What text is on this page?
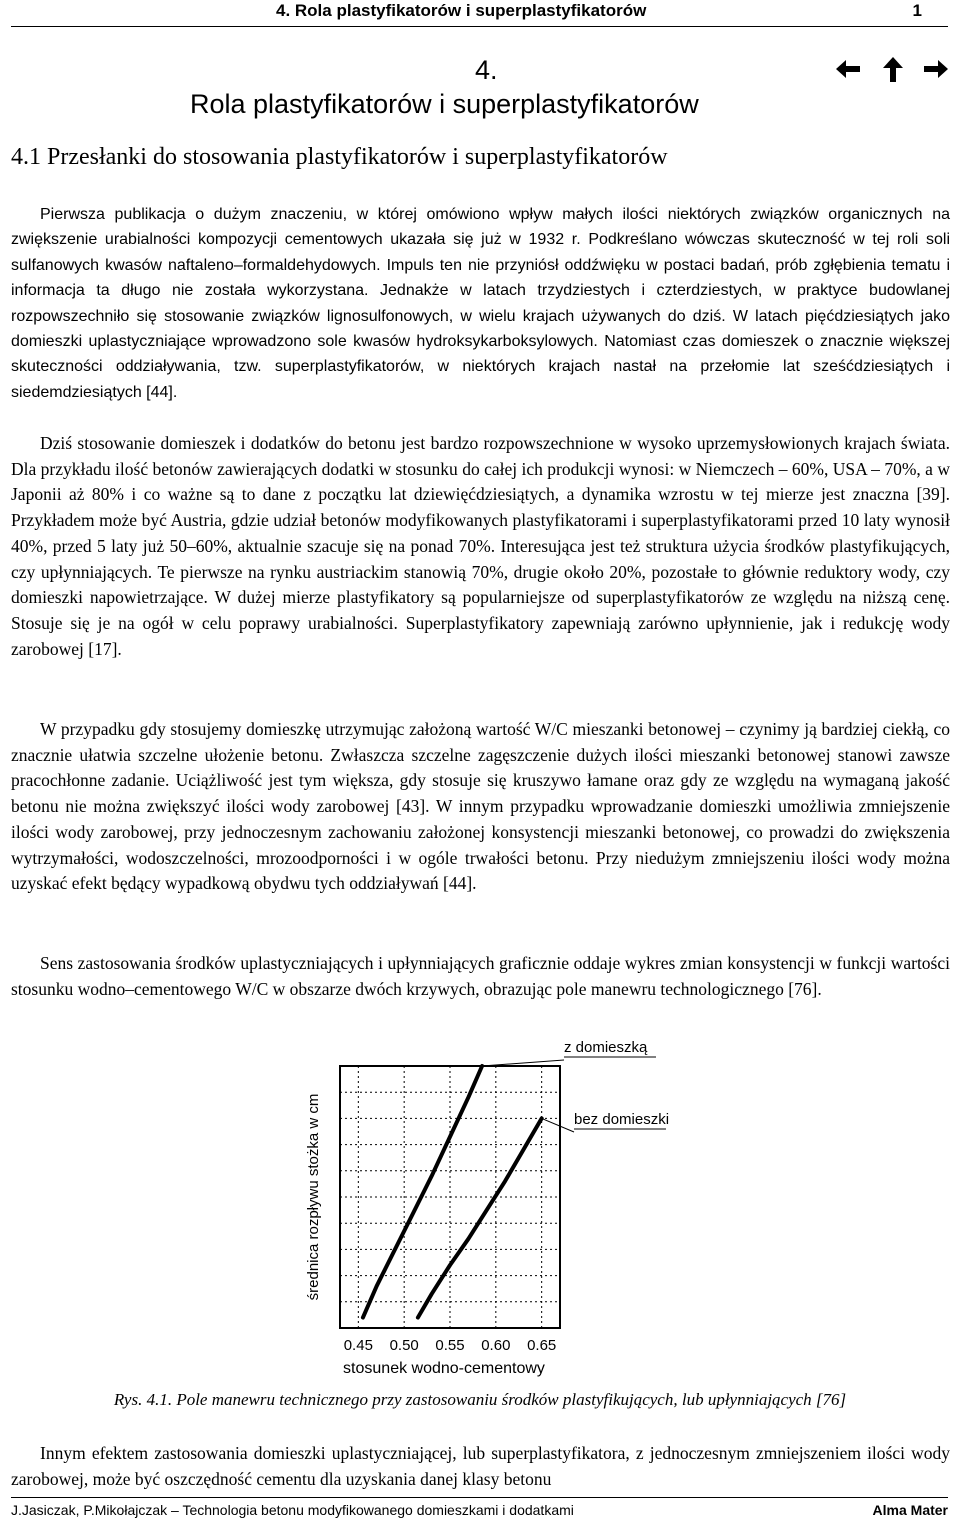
4. Rola plastyfikatorów i superplastyfikatorów	1
4.
Rola plastyfikatorów i superplastyfikatorów
4.1 Przesłanki do stosowania plastyfikatorów i superplastyfikatorów

Pierwsza publikacja o dużym znaczeniu, w której omówiono wpływ małych ilości niektórych związków organicznych na zwiększenie urabialności kompozycji cementowych ukazała się już w 1932 r. Podkreślano wówczas skuteczność w tej roli soli sulfanowych kwasów naftaleno–formaldehydowych. Impuls ten nie przyniósł oddźwięku w postaci badań, prób zgłębienia tematu i informacja ta długo nie została wykorzystana. Jednakże w latach trzydziestych i czterdziestych, w praktyce budowlanej rozpowszechniło się stosowanie związków lignosulfonowych, w wielu krajach używanych do dziś. W latach pięćdziesiątych jako domieszki uplastyczniające wprowadzono sole kwasów hydroksykarboksylowych. Natomiast czas domieszek o znacznie większej skuteczności oddziaływania, tzw. superplastyfikatorów, w niektórych krajach nastał na przełomie lat sześćdziesiątych i siedemdziesiątych [44].

Dziś stosowanie domieszek i dodatków do betonu jest bardzo rozpowszechnione w wysoko uprzemysłowionych krajach świata. Dla przykładu ilość betonów zawierających dodatki w stosunku do całej ich produkcji wynosi: w Niemczech – 60%, USA – 70%, a w Japonii aż 80% i co ważne są to dane z początku lat dziewięćdziesiątych, a dynamika wzrostu w tej mierze jest znaczna [39]. Przykładem może być Austria, gdzie udział betonów modyfikowanych plastyfikatorami i superplastyfikatorami przed 10 laty wynosił 40%, przed 5 laty już 50–60%, aktualnie szacuje się na ponad 70%. Interesująca jest też struktura użycia środków plastyfikujących, czy upłynniających. Te pierwsze na rynku austriackim stanowią 70%, drugie około 20%, pozostałe to głównie reduktory wody, czy domieszki napowietrzające. W dużej mierze plastyfikatory są popularniejsze od superplastyfikatorów ze względu na niższą cenę. Stosuje się je na ogół w celu poprawy urabialności. Superplastyfikatory zapewniają zarówno upłynnienie, jak i redukcję wody zarobowej [17].

W przypadku gdy stosujemy domieszkę utrzymując założoną wartość W/C mieszanki betonowej – czynimy ją bardziej ciekłą, co znacznie ułatwia szczelne ułożenie betonu. Zwłaszcza szczelne zagęszczenie dużych ilości mieszanki betonowej stanowi zawsze pracochłonne zadanie. Uciążliwość jest tym większa, gdy stosuje się kruszywo łamane oraz gdy ze względu na wymaganą jakość betonu nie można zwiększyć ilości wody zarobowej [43]. W innym przypadku wprowadzanie domieszki umożliwia zmniejszenie ilości wody zarobowej, przy jednoczesnym zachowaniu założonej konsystencji mieszanki betonowej, co prowadzi do zwiększenia wytrzymałości, wodoszczelności, mrozoodporności i w ogóle trwałości betonu. Przy niedużym zmniejszeniu ilości wody można uzyskać efekt będący wypadkową obydwu tych oddziaływań [44].

Sens zastosowania środków uplastyczniających i upłynniających graficznie oddaje wykres zmian konsystencji w funkcji wartości stosunku wodno–cementowego W/C w obszarze dwóch krzywych, obrazując pole manewru technologicznego [76].

z domieszką
bez domieszki
0.45 0.50 0.55 0.60 0.65
średnica rozpływu stożka w cm
stosunek wodno-cementowy
Rys. 4.1. Pole manewru technicznego przy zastosowaniu środków plastyfikujących, lub upłynniających [76]

Innym efektem zastosowania domieszki uplastyczniającej, lub superplastyfikatora, z jednoczesnym zmniejszeniem ilości wody zarobowej, może być oszczędność cementu dla uzyskania danej klasy betonu

J.Jasiczak, P.Mikołajczak – Technologia betonu modyfikowanego domieszkami i dodatkami	Alma Mater
